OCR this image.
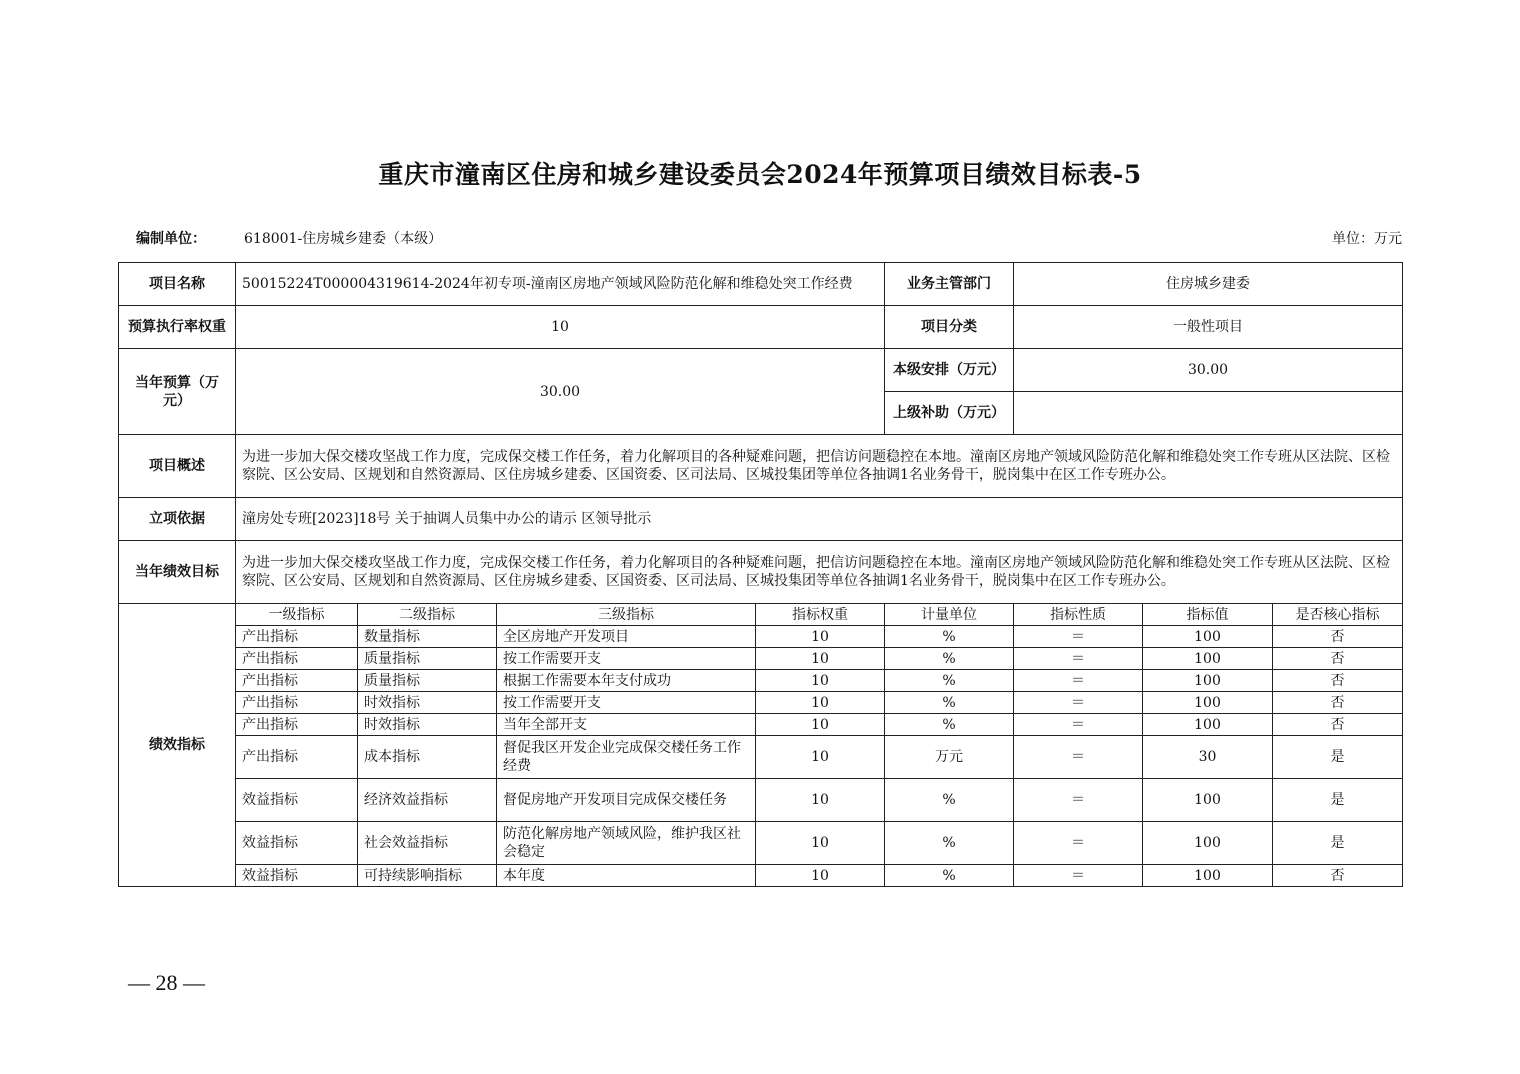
重庆市潼南区住房和城乡建设委员会2024年预算项目绩效目标表-5
编制单位：	618001-住房城乡建委（本级）	单位：万元
项目名称	50015224T000004319614-2024年初专项-潼南区房地产领域风险防范化解和维稳处突工作经费				业务主管部门	住房城乡建委		
预算执行率权重	10				项目分类	一般性项目		
当年预算（万元）	30.00				本级安排（万元）	30.00		
					上级补助（万元）			
项目概述	为进一步加大保交楼攻坚战工作力度，完成保交楼工作任务，着力化解项目的各种疑难问题，把信访问题稳控在本地。潼南区房地产领域风险防范化解和维稳处突工作专班从区法院、区检察院、区公安局、区规划和自然资源局、区住房城乡建委、区国资委、区司法局、区城投集团等单位各抽调1名业务骨干，脱岗集中在区工作专班办公。							
立项依据	潼房处专班[2023]18号 关于抽调人员集中办公的请示 区领导批示							
当年绩效目标	为进一步加大保交楼攻坚战工作力度，完成保交楼工作任务，着力化解项目的各种疑难问题，把信访问题稳控在本地。潼南区房地产领域风险防范化解和维稳处突工作专班从区法院、区检察院、区公安局、区规划和自然资源局、区住房城乡建委、区国资委、区司法局、区城投集团等单位各抽调1名业务骨干，脱岗集中在区工作专班办公。							
绩效指标	一级指标	二级指标	三级指标	指标权重	计量单位	指标性质	指标值	是否核心指标
	产出指标	数量指标	全区房地产开发项目	10	%	＝	100	否
	产出指标	质量指标	按工作需要开支	10	%	＝	100	否
	产出指标	质量指标	根据工作需要本年支付成功	10	%	＝	100	否
	产出指标	时效指标	按工作需要开支	10	%	＝	100	否
	产出指标	时效指标	当年全部开支	10	%	＝	100	否
	产出指标	成本指标	督促我区开发企业完成保交楼任务工作经费	10	万元	＝	30	是
	效益指标	经济效益指标	督促房地产开发项目完成保交楼任务	10	%	＝	100	是
	效益指标	社会效益指标	防范化解房地产领域风险，维护我区社会稳定	10	%	＝	100	是
	效益指标	可持续影响指标	本年度	10	%	＝	100	否
— 28 —
